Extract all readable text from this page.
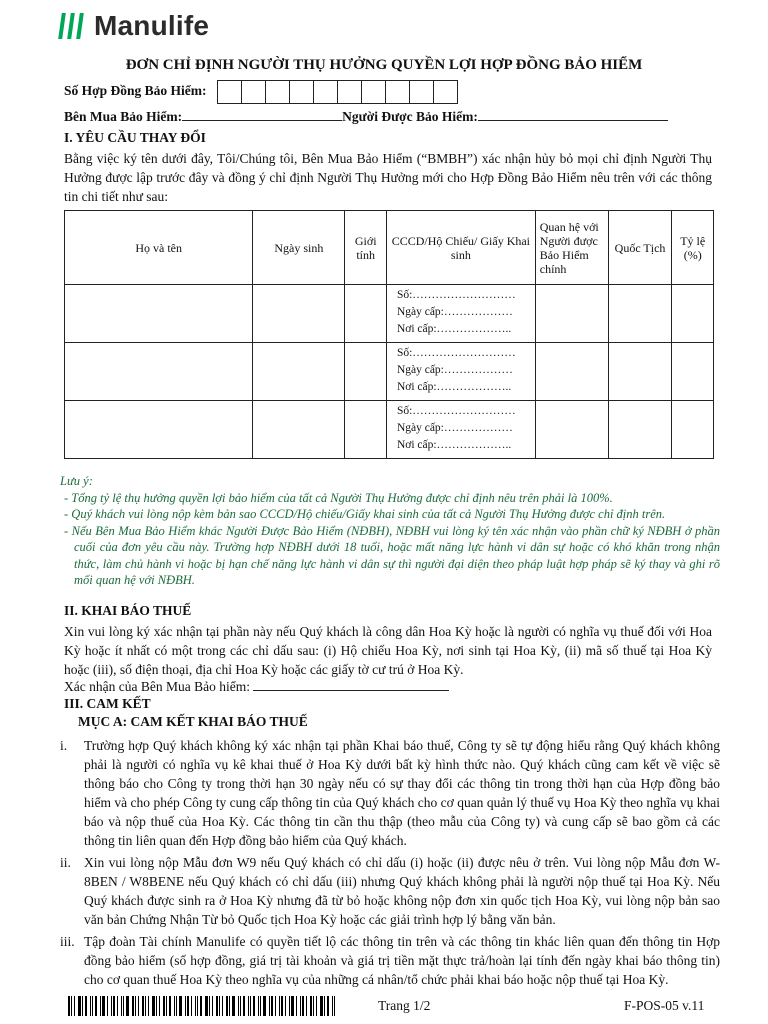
Manulife
ĐƠN CHỈ ĐỊNH NGƯỜI THỤ HƯỞNG QUYỀN LỢI HỢP ĐỒNG BẢO HIỂM
Số Hợp Đồng Bảo Hiểm:
Bên Mua Bảo Hiểm:	Người Được Bảo Hiểm:
I. YÊU CẦU THAY ĐỔI
Bằng việc ký tên dưới đây, Tôi/Chúng tôi, Bên Mua Bảo Hiểm (“BMBH”) xác nhận hủy bỏ mọi chỉ định Người Thụ Hưởng được lập trước đây và đồng ý chỉ định Người Thụ Hưởng mới cho Hợp Đồng Bảo Hiểm nêu trên với các thông tin chi tiết như sau:
Họ và tên	Ngày sinh	Giới tính	CCCD/Hộ Chiếu/ Giấy Khai sinh	Quan hệ với Người được Bảo Hiểm chính	Quốc Tịch	Tỷ lệ (%)

			Số:………………………
Ngày cấp:………………
Nơi cấp:………………..			

			Số:………………………
Ngày cấp:………………
Nơi cấp:………………..			

			Số:………………………
Ngày cấp:………………
Nơi cấp:………………..			

Lưu ý:
- Tổng tỷ lệ thụ hưởng quyền lợi bảo hiểm của tất cả Người Thụ Hưởng được chỉ định nêu trên phải là 100%.
- Quý khách vui lòng nộp kèm bản sao CCCD/Hộ chiếu/Giấy khai sinh của tất cả Người Thụ Hưởng được chỉ định trên.
- Nếu Bên Mua Bảo Hiểm khác Người Được Bảo Hiểm (NĐBH), NĐBH vui lòng ký tên xác nhận vào phần chữ ký NĐBH ở phần cuối của đơn yêu cầu này. Trường hợp NĐBH dưới 18 tuổi, hoặc mất năng lực hành vi dân sự hoặc có khó khăn trong nhận thức, làm chủ hành vi hoặc bị hạn chế năng lực hành vi dân sự thì người đại diện theo pháp luật hợp pháp sẽ ký thay và ghi rõ mối quan hệ với NĐBH.
II. KHAI BÁO THUẾ
Xin vui lòng ký xác nhận tại phần này nếu Quý khách là công dân Hoa Kỳ hoặc là người có nghĩa vụ thuế đối với Hoa Kỳ hoặc ít nhất có một trong các chỉ dấu sau: (i) Hộ chiếu Hoa Kỳ, nơi sinh tại Hoa Kỳ, (ii) mã số thuế tại Hoa Kỳ hoặc (iii), số điện thoại, địa chỉ Hoa Kỳ hoặc các giấy tờ cư trú ở Hoa Kỳ.
Xác nhận của Bên Mua Bảo hiểm:
III. CAM KẾT
MỤC A: CAM KẾT KHAI BÁO THUẾ
i.	Trường hợp Quý khách không ký xác nhận tại phần Khai báo thuế, Công ty sẽ tự động hiểu rằng Quý khách không phải là người có nghĩa vụ kê khai thuế ở Hoa Kỳ dưới bất kỳ hình thức nào. Quý khách cũng cam kết về việc sẽ thông báo cho Công ty trong thời hạn 30 ngày nếu có sự thay đổi các thông tin trong thời hạn của Hợp đồng bảo hiểm và cho phép Công ty cung cấp thông tin của Quý khách cho cơ quan quản lý thuế vụ Hoa Kỳ theo nghĩa vụ khai báo và nộp thuế của Hoa Kỳ. Các thông tin cần thu thập (theo mẫu của Công ty) và cung cấp sẽ bao gồm cả các thông tin liên quan đến Hợp đồng bảo hiểm của Quý khách.
ii. Xin vui lòng nộp Mẫu đơn W9 nếu Quý khách có chỉ dấu (i) hoặc (ii) được nêu ở trên. Vui lòng nộp Mẫu đơn W-8BEN / W8BENE nếu Quý khách có chỉ dấu (iii) nhưng Quý khách không phải là người nộp thuế tại Hoa Kỳ. Nếu Quý khách được sinh ra ở Hoa Kỳ nhưng đã từ bỏ hoặc không nộp đơn xin quốc tịch Hoa Kỳ, vui lòng nộp bản sao văn bản Chứng Nhận Từ bỏ Quốc tịch Hoa Kỳ hoặc các giải trình hợp lý bằng văn bản.
iii. Tập đoàn Tài chính Manulife có quyền tiết lộ các thông tin trên và các thông tin khác liên quan đến thông tin Hợp đồng bảo hiểm (số hợp đồng, giá trị tài khoản và giá trị tiền mặt thực trả/hoàn lại tính đến ngày khai báo thông tin) cho cơ quan thuế Hoa Kỳ theo nghĩa vụ của những cá nhân/tổ chức phải khai báo hoặc nộp thuế tại Hoa Kỳ.
Trang 1/2	F-POS-05 v.11
